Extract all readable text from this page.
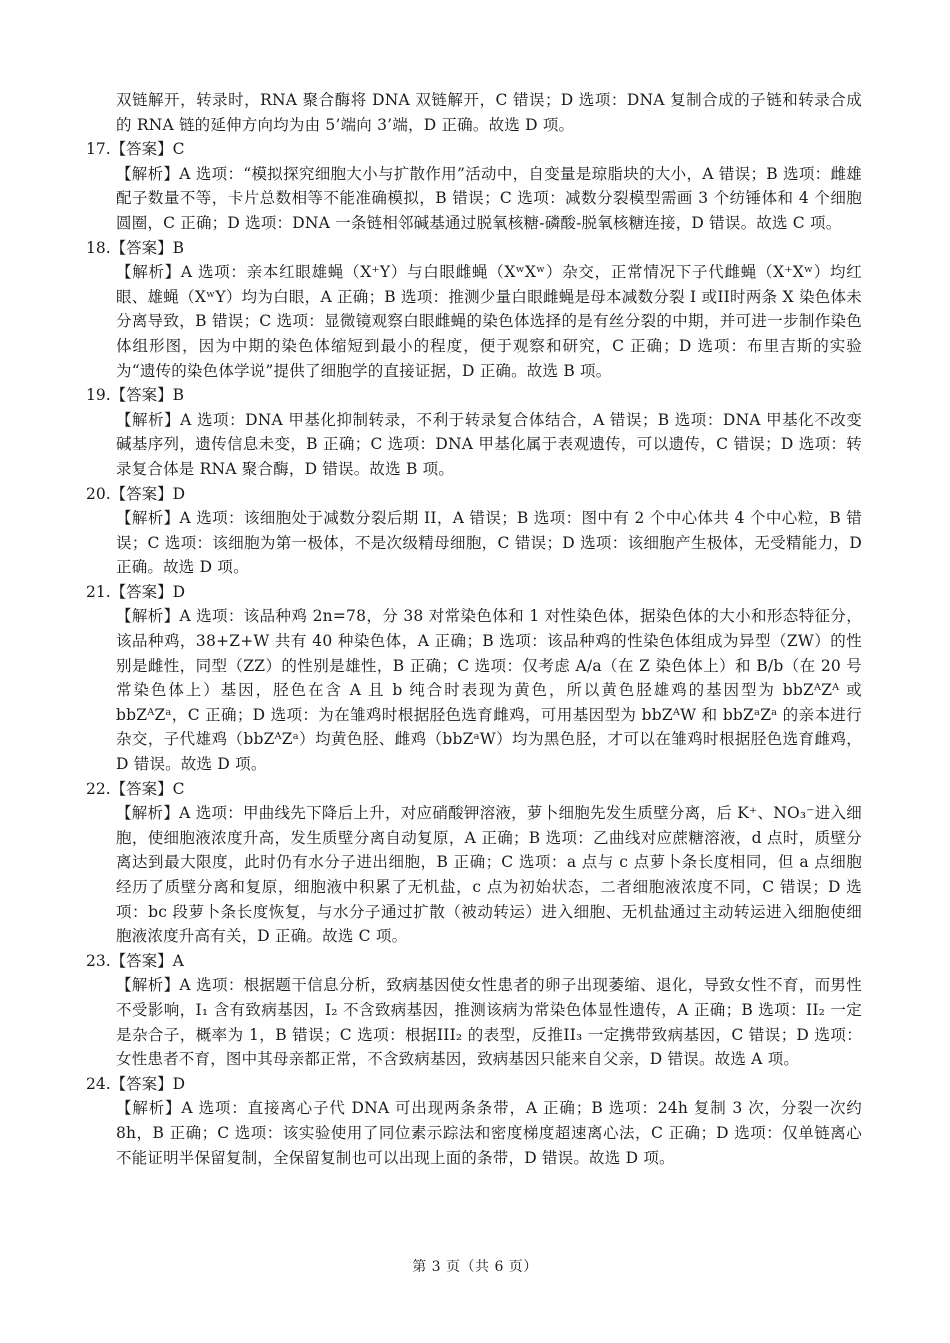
双链解开，转录时，RNA 聚合酶将 DNA 双链解开，C 错误；D 选项：DNA 复制合成的子链和转录合成的 RNA 链的延伸方向均为由 5’端向 3’端，D 正确。故选 D 项。

17.【答案】C

【解析】A 选项：“模拟探究细胞大小与扩散作用”活动中，自变量是琼脂块的大小，A 错误；B 选项：雌雄配子数量不等，卡片总数相等不能准确模拟，B 错误；C 选项：减数分裂模型需画 3 个纺锤体和 4 个细胞圆圈，C 正确；D 选项：DNA 一条链相邻碱基通过脱氧核糖-磷酸-脱氧核糖连接，D 错误。故选 C 项。

18.【答案】B

【解析】A 选项：亲本红眼雄蝇（X⁺Y）与白眼雌蝇（XʷXʷ）杂交，正常情况下子代雌蝇（X⁺Xʷ）均红眼、雄蝇（XʷY）均为白眼，A 正确；B 选项：推测少量白眼雌蝇是母本减数分裂 I 或II时两条 X 染色体未分离导致，B 错误；C 选项：显微镜观察白眼雌蝇的染色体选择的是有丝分裂的中期，并可进一步制作染色体组形图，因为中期的染色体缩短到最小的程度，便于观察和研究，C 正确；D 选项：布里吉斯的实验为“遗传的染色体学说”提供了细胞学的直接证据，D 正确。故选 B 项。

19.【答案】B

【解析】A 选项：DNA 甲基化抑制转录，不利于转录复合体结合，A 错误；B 选项：DNA 甲基化不改变碱基序列，遗传信息未变，B 正确；C 选项：DNA 甲基化属于表观遗传，可以遗传，C 错误；D 选项：转录复合体是 RNA 聚合酶，D 错误。故选 B 项。

20.【答案】D

【解析】A 选项：该细胞处于减数分裂后期 II，A 错误；B 选项：图中有 2 个中心体共 4 个中心粒，B 错误；C 选项：该细胞为第一极体，不是次级精母细胞，C 错误；D 选项：该细胞产生极体，无受精能力，D 正确。故选 D 项。

21.【答案】D

【解析】A 选项：该品种鸡 2n=78，分 38 对常染色体和 1 对性染色体，据染色体的大小和形态特征分，该品种鸡，38+Z+W 共有 40 种染色体，A 正确；B 选项：该品种鸡的性染色体组成为异型（ZW）的性别是雌性，同型（ZZ）的性别是雄性，B 正确；C 选项：仅考虑 A/a（在 Z 染色体上）和 B/b（在 20 号常染色体上）基因，胫色在含 A 且 b 纯合时表现为黄色，所以黄色胫雄鸡的基因型为 bbZᴬZᴬ 或 bbZᴬZᵃ，C 正确；D 选项：为在雏鸡时根据胫色选育雌鸡，可用基因型为 bbZᴬW 和 bbZᵃZᵃ 的亲本进行杂交，子代雄鸡（bbZᴬZᵃ）均黄色胫、雌鸡（bbZᵃW）均为黑色胫，才可以在雏鸡时根据胫色选育雌鸡，D 错误。故选 D 项。

22.【答案】C

【解析】A 选项：甲曲线先下降后上升，对应硝酸钾溶液，萝卜细胞先发生质壁分离，后 K⁺、NO₃⁻进入细胞，使细胞液浓度升高，发生质壁分离自动复原，A 正确；B 选项：乙曲线对应蔗糖溶液，d 点时，质壁分离达到最大限度，此时仍有水分子进出细胞，B 正确；C 选项：a 点与 c 点萝卜条长度相同，但 a 点细胞经历了质壁分离和复原，细胞液中积累了无机盐，c 点为初始状态，二者细胞液浓度不同，C 错误；D 选项：bc 段萝卜条长度恢复，与水分子通过扩散（被动转运）进入细胞、无机盐通过主动转运进入细胞使细胞液浓度升高有关，D 正确。故选 C 项。

23.【答案】A

【解析】A 选项：根据题干信息分析，致病基因使女性患者的卵子出现萎缩、退化，导致女性不育，而男性不受影响，I₁ 含有致病基因，I₂ 不含致病基因，推测该病为常染色体显性遗传，A 正确；B 选项：II₂ 一定是杂合子，概率为 1，B 错误；C 选项：根据III₂ 的表型，反推II₃ 一定携带致病基因，C 错误；D 选项：女性患者不育，图中其母亲都正常，不含致病基因，致病基因只能来自父亲，D 错误。故选 A 项。

24.【答案】D

【解析】A 选项：直接离心子代 DNA 可出现两条条带，A 正确；B 选项：24h 复制 3 次，分裂一次约 8h，B 正确；C 选项：该实验使用了同位素示踪法和密度梯度超速离心法，C 正确；D 选项：仅单链离心不能证明半保留复制，全保留复制也可以出现上面的条带，D 错误。故选 D 项。

第 3 页（共 6 页）
